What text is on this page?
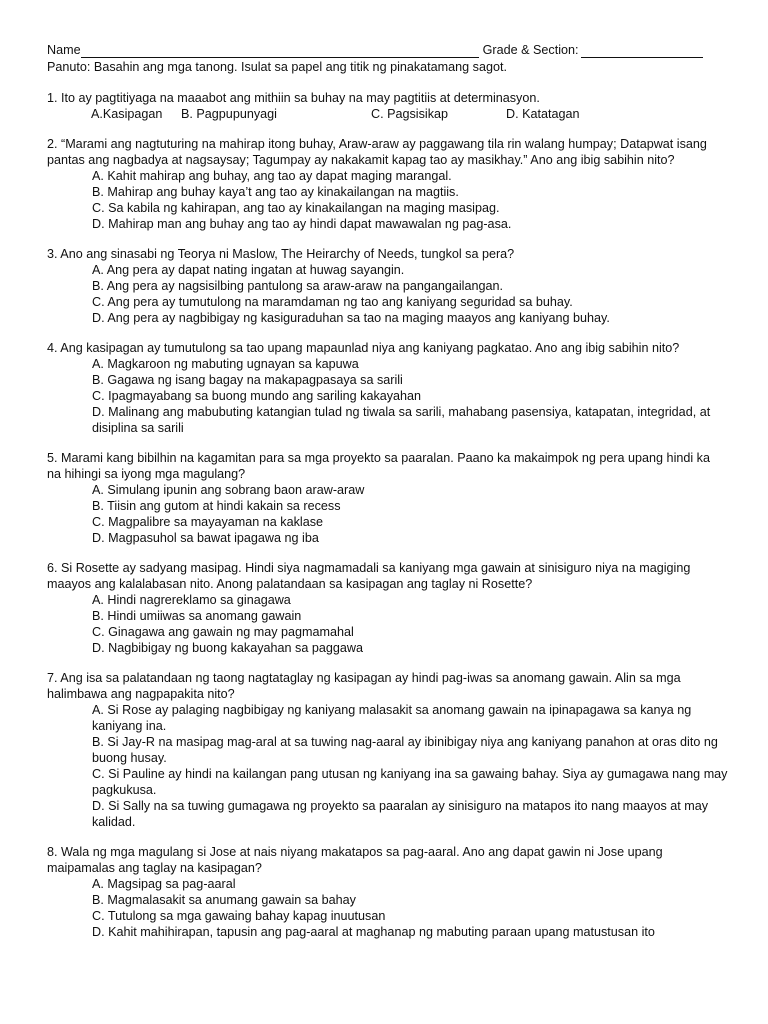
Name	Grade & Section:
Panuto: Basahin ang mga tanong. Isulat sa papel ang titik ng pinakatamang sagot.
1. Ito ay pagtitiyaga na maaabot ang mithiin sa buhay na may pagtitiis at determinasyon.
A.Kasipagan	B. Pagpupunyagi	C. Pagsisikap	D. Katatagan
2. “Marami ang nagtuturing na mahirap itong buhay, Araw-araw ay paggawang tila rin walang humpay; Datapwat isang pantas ang nagbadya at nagsaysay; Tagumpay ay nakakamit kapag tao ay masikhay.” Ano ang ibig sabihin nito?
A. Kahit mahirap ang buhay, ang tao ay dapat maging marangal.
B. Mahirap ang buhay kaya’t ang tao ay kinakailangan na magtiis.
C. Sa kabila ng kahirapan, ang tao ay kinakailangan na maging masipag.
D. Mahirap man ang buhay ang tao ay hindi dapat mawawalan ng pag-asa.
3. Ano ang sinasabi ng Teorya ni Maslow, The Heirarchy of Needs, tungkol sa pera?
A. Ang pera ay dapat nating ingatan at huwag sayangin.
B. Ang pera ay nagsisilbing pantulong sa araw-araw na pangangailangan.
C. Ang pera ay tumutulong na maramdaman ng tao ang kaniyang seguridad sa buhay.
D. Ang pera ay nagbibigay ng kasiguraduhan sa tao na maging maayos ang kaniyang buhay.
4. Ang kasipagan ay tumutulong sa tao upang mapaunlad niya ang kaniyang pagkatao. Ano ang ibig sabihin nito?
A. Magkaroon ng mabuting ugnayan sa kapuwa
B. Gagawa ng isang bagay na makapagpasaya sa sarili
C. Ipagmayabang sa buong mundo ang sariling kakayahan
D. Malinang ang mabubuting katangian tulad ng tiwala sa sarili, mahabang pasensiya, katapatan, integridad, at disiplina sa sarili
5. Marami kang bibilhin na kagamitan para sa mga proyekto sa paaralan. Paano ka makaimpok ng pera upang hindi ka na hihingi sa iyong mga magulang?
A. Simulang ipunin ang sobrang baon araw-araw
B. Tiisin ang gutom at hindi kakain sa recess
C. Magpalibre sa mayayaman na kaklase
D. Magpasuhol sa bawat ipagawa ng iba
6. Si Rosette ay sadyang masipag. Hindi siya nagmamadali sa kaniyang mga gawain at sinisiguro niya na magiging maayos ang kalalabasan nito. Anong palatandaan sa kasipagan ang taglay ni Rosette?
A. Hindi nagrereklamo sa ginagawa
B. Hindi umiiwas sa anomang gawain
C. Ginagawa ang gawain ng may pagmamahal
D. Nagbibigay ng buong kakayahan sa paggawa
7. Ang isa sa palatandaan ng taong nagtataglay ng kasipagan ay hindi pag-iwas sa anomang gawain. Alin sa mga halimbawa ang nagpapakita nito?
A. Si Rose ay palaging nagbibigay ng kaniyang malasakit sa anomang gawain na ipinapagawa sa kanya ng kaniyang ina.
B. Si Jay-R na masipag mag-aral at sa tuwing nag-aaral ay ibinibigay niya ang kaniyang panahon at oras dito ng buong husay.
C. Si Pauline ay hindi na kailangan pang utusan ng kaniyang ina sa gawaing bahay. Siya ay gumagawa nang may pagkukusa.
D. Si Sally na sa tuwing gumagawa ng proyekto sa paaralan ay sinisiguro na matapos ito nang maayos at may kalidad.
8. Wala ng mga magulang si Jose at nais niyang makatapos sa pag-aaral. Ano ang dapat gawin ni Jose upang maipamalas ang taglay na kasipagan?
A. Magsipag sa pag-aaral
B. Magmalasakit sa anumang gawain sa bahay
C. Tutulong sa mga gawaing bahay kapag inuutusan
D. Kahit mahihirapan, tapusin ang pag-aaral at maghanap ng mabuting paraan upang matustusan ito
